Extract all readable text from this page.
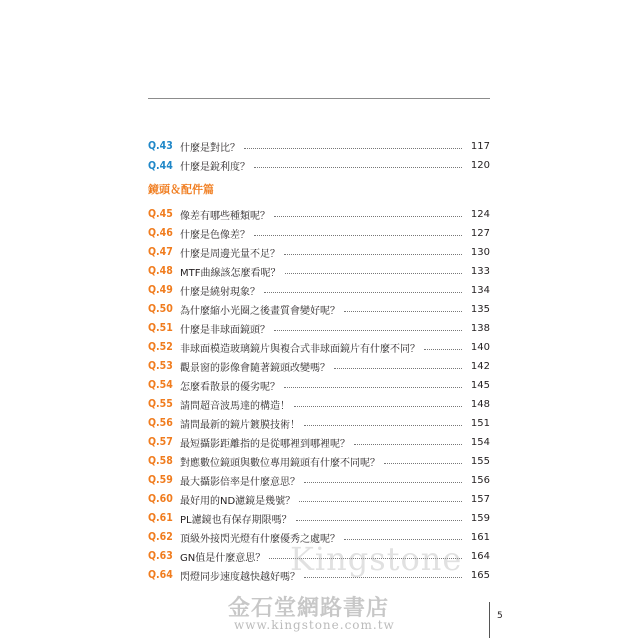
Q.43 什麼是對比？	117
Q.44 什麼是銳利度？	120
鏡頭＆配件篇
Q.45 像差有哪些種類呢？	124
Q.46 什麼是色像差？	127
Q.47 什麼是周邊光量不足？	130
Q.48 MTF曲線該怎麼看呢？	133
Q.49 什麼是繞射現象？	134
Q.50 為什麼縮小光圈之後畫質會變好呢？	135
Q.51 什麼是非球面鏡頭？	138
Q.52 非球面模造玻璃鏡片與複合式非球面鏡片有什麼不同？	140
Q.53 觀景窗的影像會隨著鏡頭改變嗎？	142
Q.54 怎麼看散景的優劣呢？	145
Q.55 請問超音波馬達的構造！	148
Q.56 請問最新的鏡片鍍膜技術！	151
Q.57 最短攝影距離指的是從哪裡到哪裡呢？	154
Q.58 對應數位鏡頭與數位專用鏡頭有什麼不同呢？	155
Q.59 最大攝影倍率是什麼意思？	156
Q.60 最好用的ND濾鏡是幾號？	157
Q.61 PL濾鏡也有保存期限嗎？	159
Q.62 頂級外接閃光燈有什麼優秀之處呢？	161
Q.63 GN值是什麼意思？	164
Q.64 閃燈同步速度越快越好嗎？	165
Kingstone
金石堂網路書店
www.kingstone.com.tw
5
